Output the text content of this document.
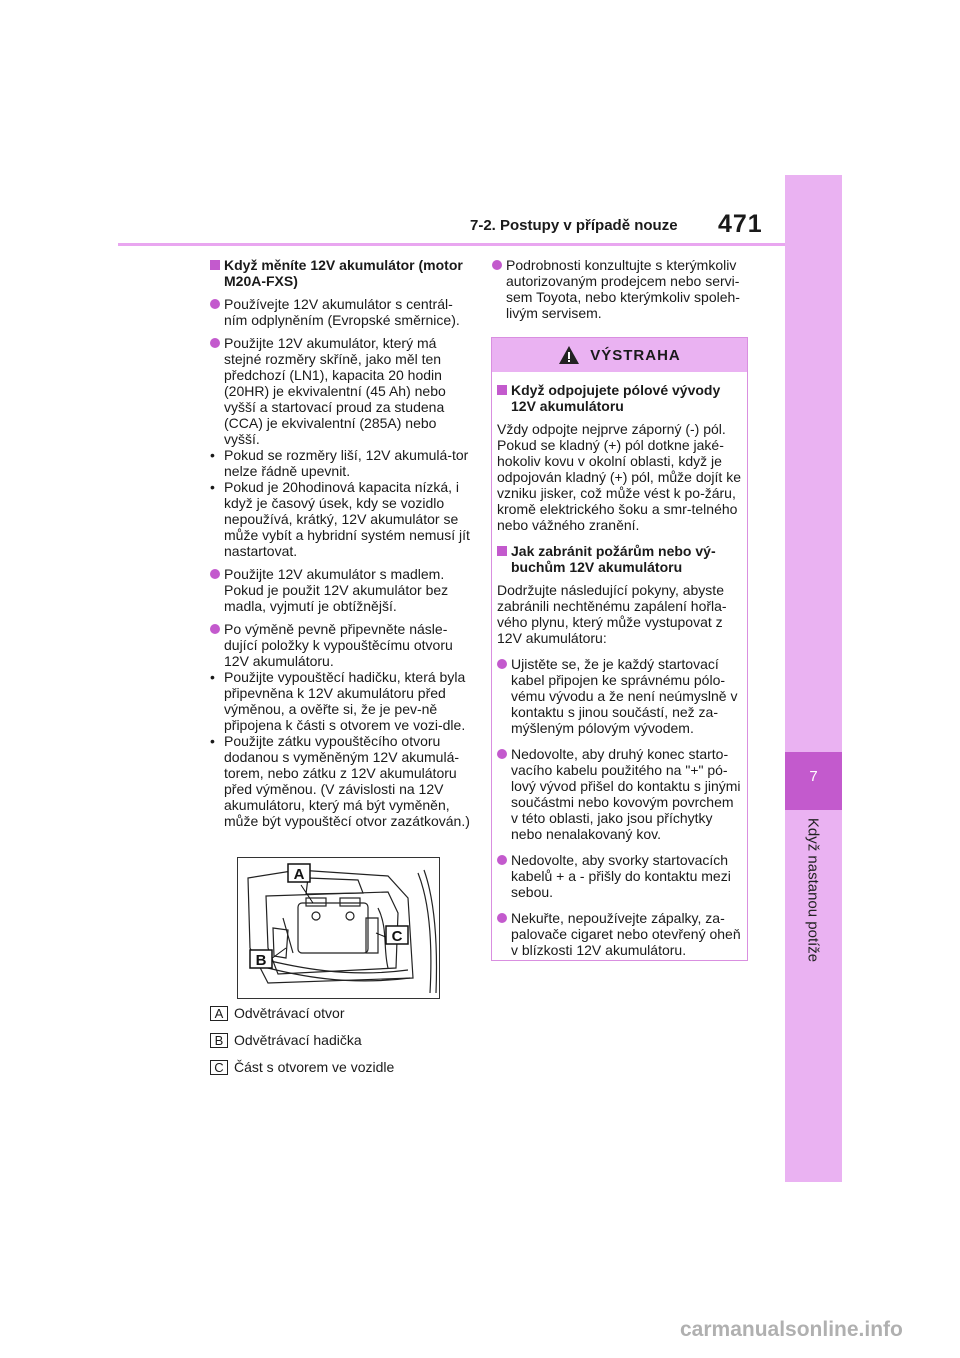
7-2. Postupy v případě nouze 471
7
Když nastanou potíže
Když měníte 12V akumulátor (motor M20A-FXS)
Používejte 12V akumulátor s centrál-ním odplyněním (Evropské směrnice).
Použijte 12V akumulátor, který má stejné rozměry skříně, jako měl ten předchozí (LN1), kapacita 20 hodin (20HR) je ekvivalentní (45 Ah) nebo vyšší a startovací proud za studena (CCA) je ekvivalentní (285A) nebo vyšší.
• Pokud se rozměry liší, 12V akumulá-tor nelze řádně upevnit.
• Pokud je 20hodinová kapacita nízká, i když je časový úsek, kdy se vozidlo nepoužívá, krátký, 12V akumulátor se může vybít a hybridní systém nemusí jít nastartovat.
Použijte 12V akumulátor s madlem. Pokud je použit 12V akumulátor bez madla, vyjmutí je obtížnější.
Po výměně pevně připevněte násle-dující položky k vypouštěcímu otvoru 12V akumulátoru.
• Použijte vypouštěcí hadičku, která byla připevněna k 12V akumulátoru před výměnou, a ověřte si, že je pev-ně připojena k části s otvorem ve vozi-dle.
• Použijte zátku vypouštěcího otvoru dodanou s vyměněným 12V akumulá-torem, nebo zátku z 12V akumulátoru před výměnou. (V závislosti na 12V akumulátoru, který má být vyměněn, může být vypouštěcí otvor zazátkován.)
A
B
C
A Odvětrávací otvor
B Odvětrávací hadička
C Část s otvorem ve vozidle
Podrobnosti konzultujte s kterýmkoliv autorizovaným prodejcem nebo servi-sem Toyota, nebo kterýmkoliv spoleh-livým servisem.
VÝSTRAHA
Když odpojujete pólové vývody 12V akumulátoru
Vždy odpojte nejprve záporný (-) pól. Pokud se kladný (+) pól dotkne jaké-hokoliv kovu v okolní oblasti, když je odpojován kladný (+) pól, může dojít ke vzniku jisker, což může vést k po-žáru, kromě elektrického šoku a smr-telného nebo vážného zranění.
Jak zabránit požárům nebo vý-buchům 12V akumulátoru
Dodržujte následující pokyny, abyste zabránili nechtěnému zapálení hořla-vého plynu, který může vystupovat z 12V akumulátoru:
Ujistěte se, že je každý startovací kabel připojen ke správnému pólo-vému vývodu a že není neúmyslně v kontaktu s jinou součástí, než za-mýšleným pólovým vývodem.
Nedovolte, aby druhý konec starto-vacího kabelu použitého na "+" pó-lový vývod přišel do kontaktu s jinými součástmi nebo kovovým povrchem v této oblasti, jako jsou příchytky nebo nenalakovaný kov.
Nedovolte, aby svorky startovacích kabelů + a - přišly do kontaktu mezi sebou.
Nekuřte, nepoužívejte zápalky, za-palovače cigaret nebo otevřený oheň v blízkosti 12V akumulátoru.
carmanualsonline.info
